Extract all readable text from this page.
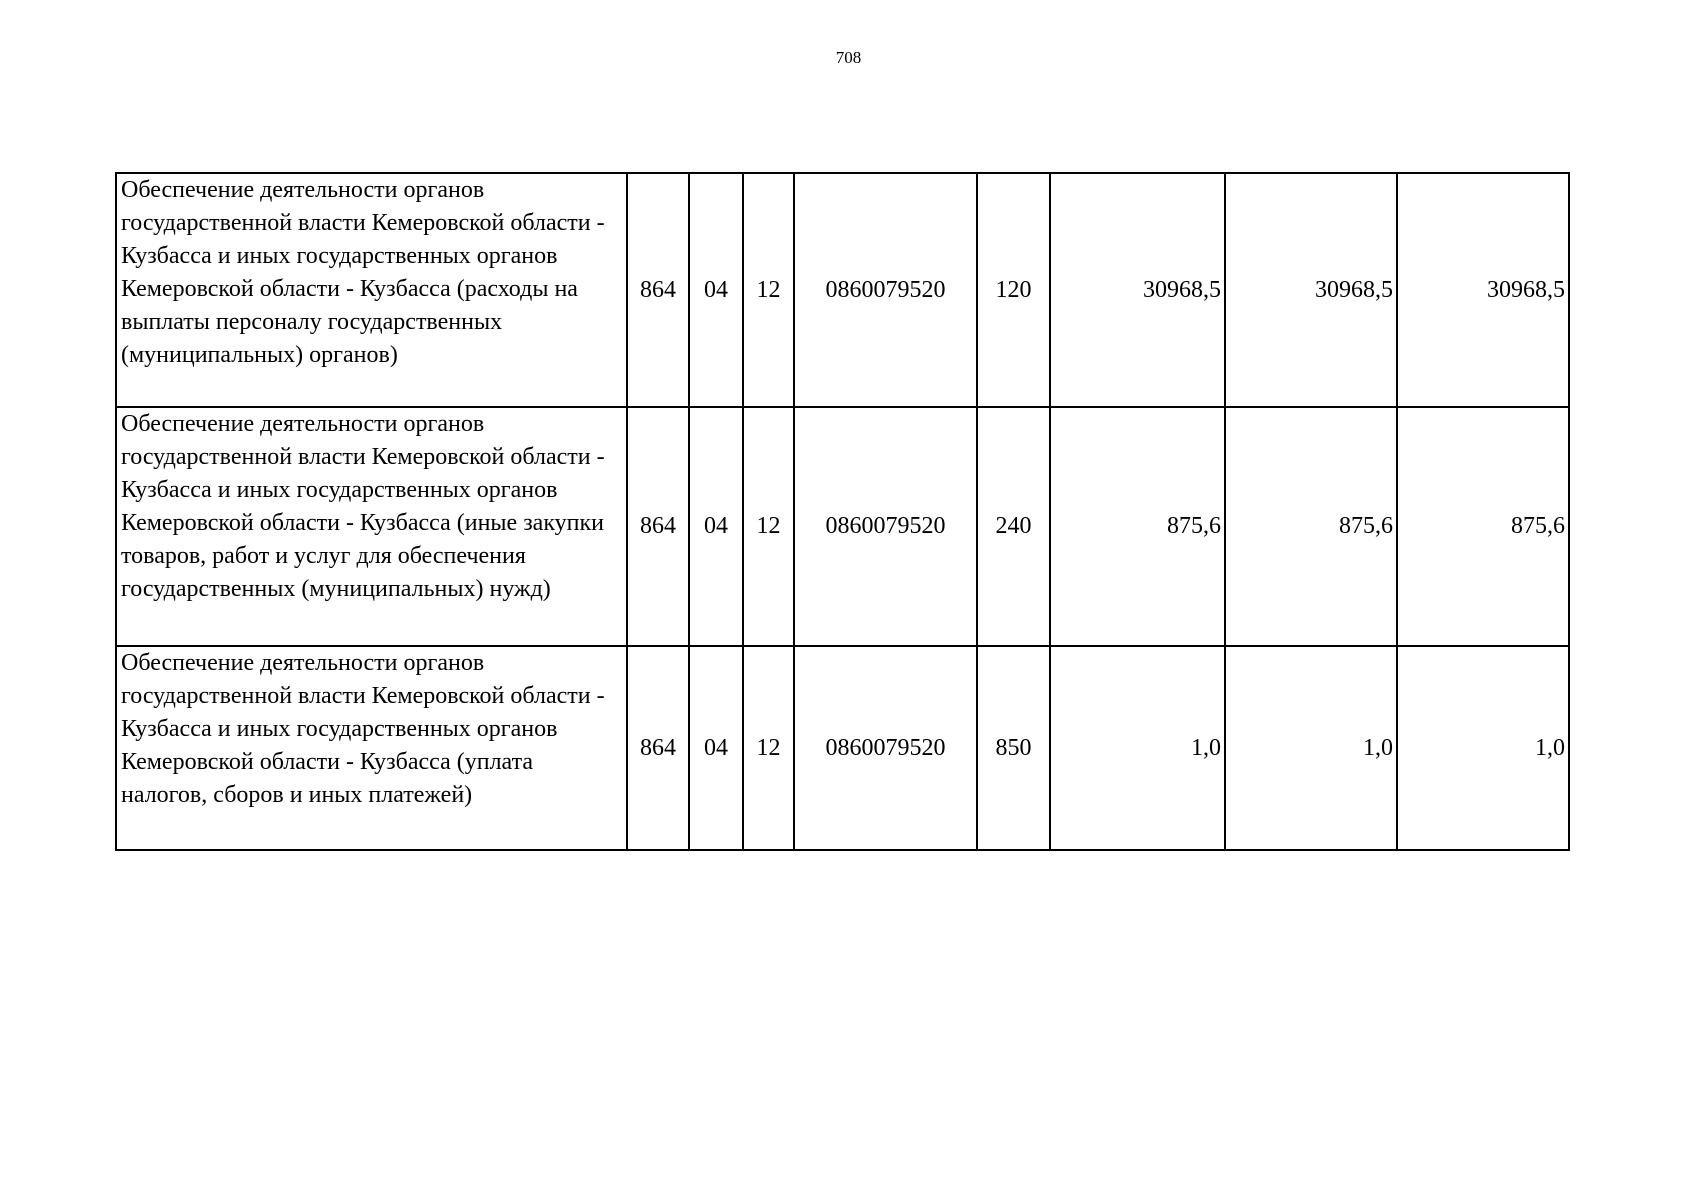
708
Обеспечение деятельности органов государственной власти Кемеровской области - Кузбасса и иных государственных органов Кемеровской области - Кузбасса (расходы на выплаты персоналу государственных (муниципальных) органов)	864	04	12	0860079520	120	30968,5	30968,5	30968,5
Обеспечение деятельности органов государственной власти Кемеровской области - Кузбасса и иных государственных органов Кемеровской области - Кузбасса (иные закупки товаров, работ и услуг для обеспечения государственных (муниципальных) нужд)	864	04	12	0860079520	240	875,6	875,6	875,6
Обеспечение деятельности органов государственной власти Кемеровской области - Кузбасса и иных государственных органов Кемеровской области - Кузбасса (уплата налогов, сборов и иных платежей)	864	04	12	0860079520	850	1,0	1,0	1,0
